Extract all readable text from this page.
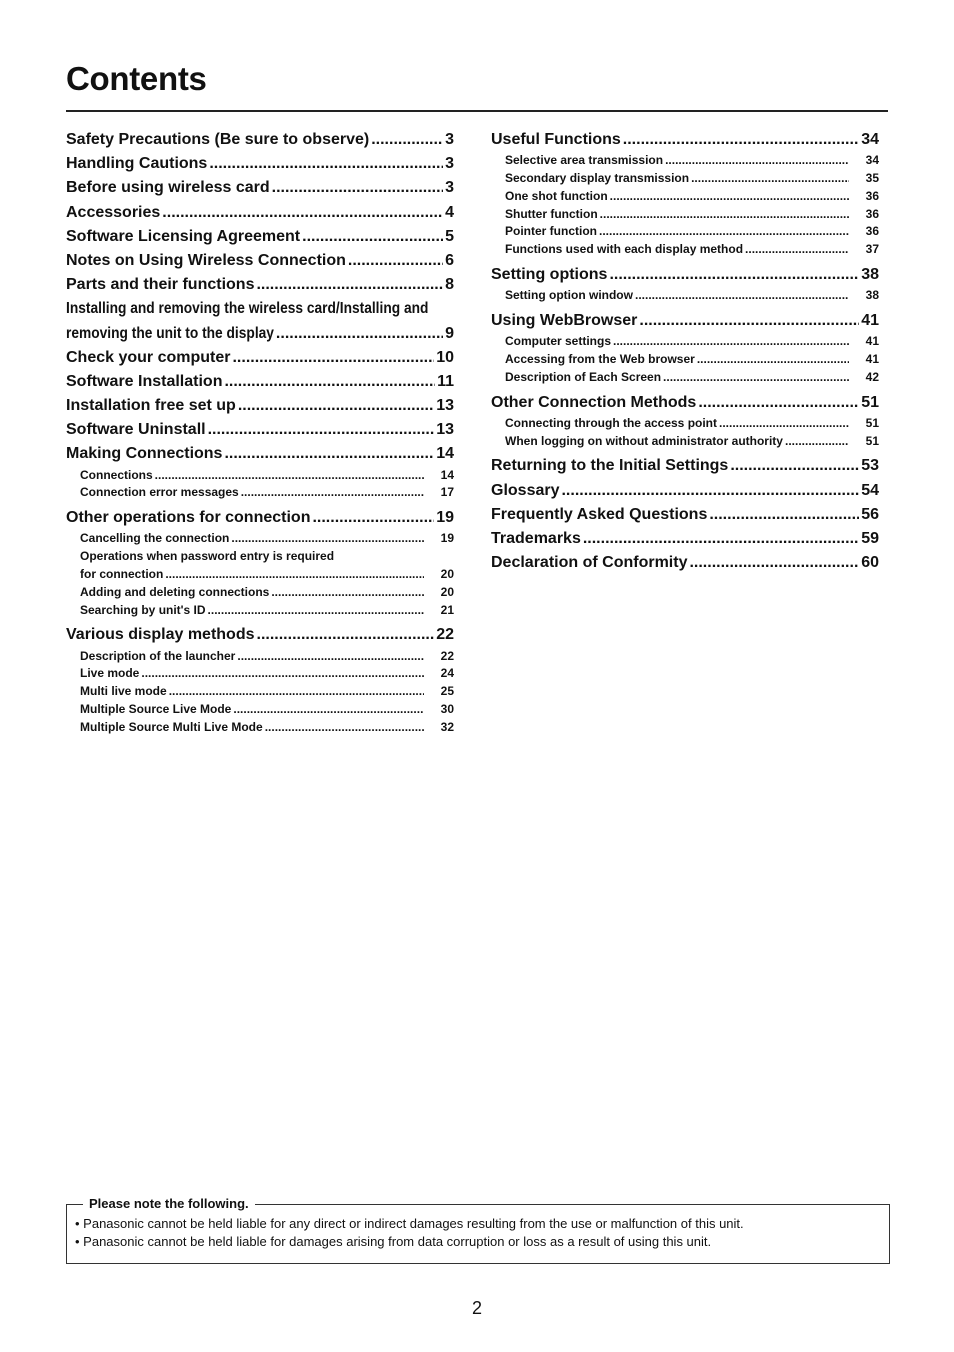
Contents
Safety Precautions (Be sure to observe) .....	3
Handling Cautions .....	3
Before using wireless card .....	3
Accessories .....	4
Software Licensing Agreement .....	5
Notes on Using Wireless Connection .....	6
Parts and their functions .....	8
Installing and removing the wireless card/Installing and
removing the unit to the display .....	9
Check your computer .....	10
Software Installation .....	11
Installation free set up .....	13
Software Uninstall .....	13
Making Connections .....	14
Connections .....	14
Connection error messages .....	17
Other operations for connection .....	19
Cancelling the connection .....	19
Operations when password entry is required
for connection .....	20
Adding and deleting connections .....	20
Searching by unit's ID .....	21
Various display methods .....	22
Description of the launcher .....	22
Live mode .....	24
Multi live mode .....	25
Multiple Source Live Mode .....	30
Multiple Source Multi Live Mode .....	32
Useful Functions .....	34
Selective area transmission .....	34
Secondary display transmission .....	35
One shot function .....	36
Shutter function .....	36
Pointer function .....	36
Functions used with each display method .....	37
Setting options .....	38
Setting option window .....	38
Using WebBrowser .....	41
Computer settings .....	41
Accessing from the Web browser .....	41
Description of Each Screen .....	42
Other Connection Methods .....	51
Connecting through the access point .....	51
When logging on without administrator authority .....	51
Returning to the Initial Settings .....	53
Glossary .....	54
Frequently Asked Questions .....	56
Trademarks .....	59
Declaration of Conformity .....	60
Please note the following.
• Panasonic cannot be held liable for any direct or indirect damages resulting from the use or malfunction of this unit.
• Panasonic cannot be held liable for damages arising from data corruption or loss as a result of using this unit.
2
